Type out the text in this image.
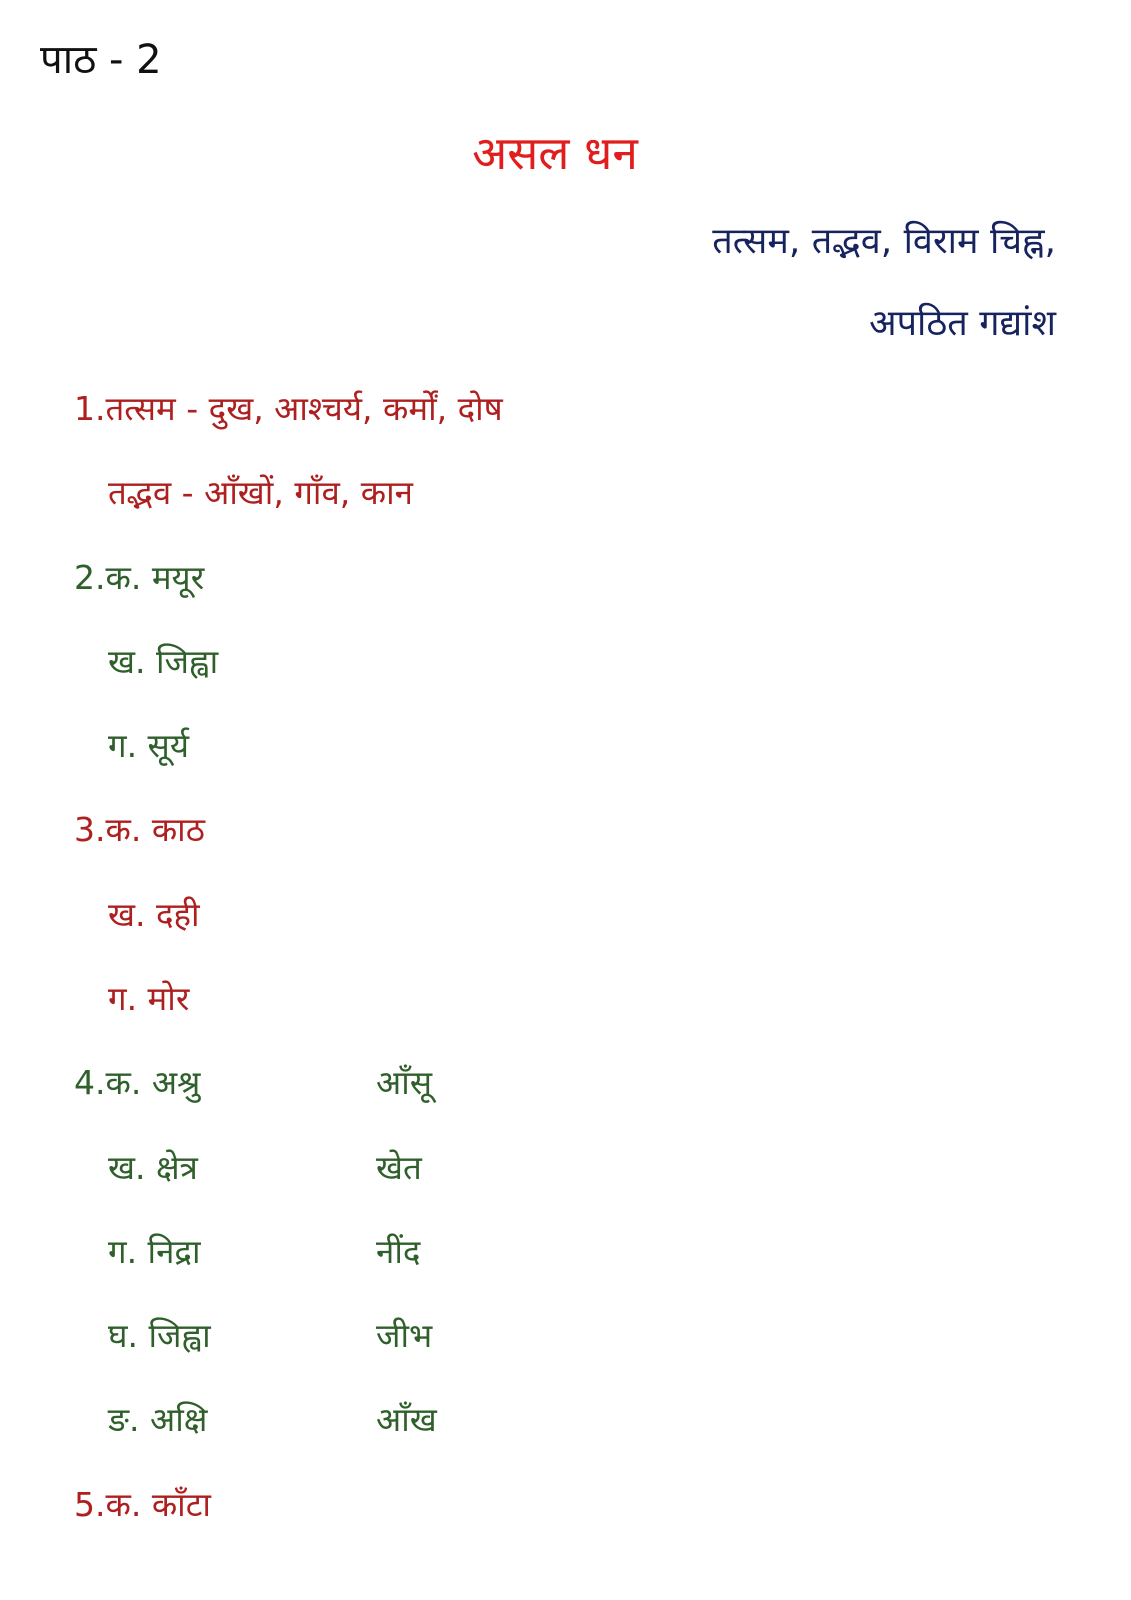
पाठ - 2
असल धन
तत्सम, तद्भव, विराम चिह्न,
अपठित गद्यांश
1.तत्सम - दुख, आश्चर्य, कर्मों, दोष
तद्भव - आँखों, गाँव, कान
2.क. मयूर
ख. जिह्वा
ग. सूर्य
3.क. काठ
ख. दही
ग. मोर
4.क. अश्रु	आँसू
ख. क्षेत्र	खेत
ग. निद्रा	नींद
घ. जिह्वा	जीभ
ङ. अक्षि	आँख
5.क. काँटा
